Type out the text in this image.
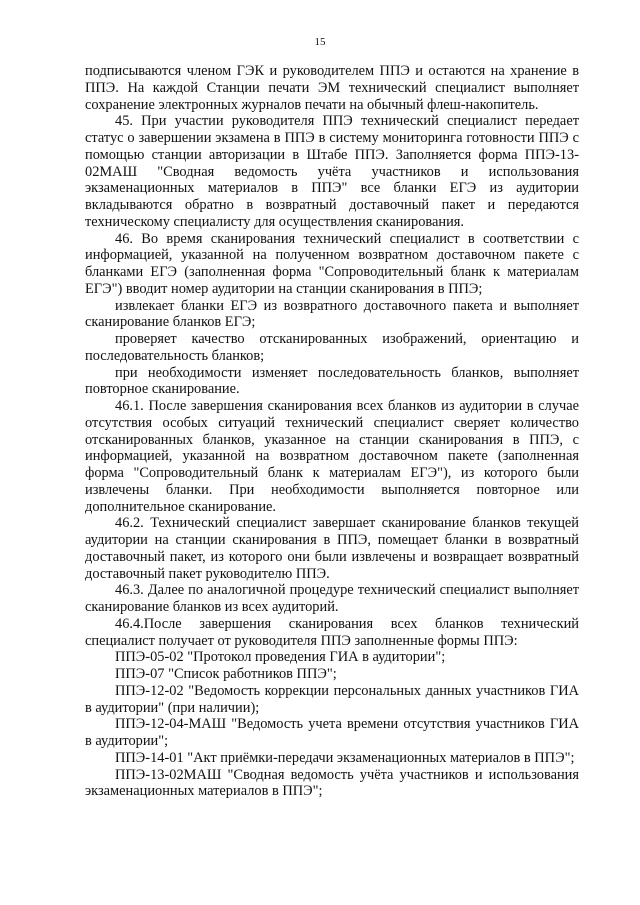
15

подписываются членом ГЭК и руководителем ППЭ и остаются на хранение в ППЭ. На каждой Станции печати ЭМ технический специалист выполняет сохранение электронных журналов печати на обычный флеш-накопитель.

45. При участии руководителя ППЭ технический специалист передает статус о завершении экзамена в ППЭ в систему мониторинга готовности ППЭ с помощью станции авторизации в Штабе ППЭ. Заполняется форма ППЭ-13-02МАШ "Сводная ведомость учёта участников и использования экзаменационных материалов в ППЭ" все бланки ЕГЭ из аудитории вкладываются обратно в возвратный доставочный пакет и передаются техническому специалисту для осуществления сканирования.

46. Во время сканирования технический специалист в соответствии с информацией, указанной на полученном возвратном доставочном пакете с бланками ЕГЭ (заполненная форма "Сопроводительный бланк к материалам ЕГЭ") вводит номер аудитории на станции сканирования в ППЭ;

извлекает бланки ЕГЭ из возвратного доставочного пакета и выполняет сканирование бланков ЕГЭ;

проверяет качество отсканированных изображений, ориентацию и последовательность бланков;

при необходимости изменяет последовательность бланков, выполняет повторное сканирование.

46.1. После завершения сканирования всех бланков из аудитории в случае отсутствия особых ситуаций технический специалист сверяет количество отсканированных бланков, указанное на станции сканирования в ППЭ, с информацией, указанной на возвратном доставочном пакете (заполненная форма "Сопроводительный бланк к материалам ЕГЭ"), из которого были извлечены бланки. При необходимости выполняется повторное или дополнительное сканирование.

46.2. Технический специалист завершает сканирование бланков текущей аудитории на станции сканирования в ППЭ, помещает бланки в возвратный доставочный пакет, из которого они были извлечены и возвращает возвратный доставочный пакет руководителю ППЭ.

46.3. Далее по аналогичной процедуре технический специалист выполняет сканирование бланков из всех аудиторий.

46.4.После завершения сканирования всех бланков технический специалист получает от руководителя ППЭ заполненные формы ППЭ:

ППЭ-05-02 "Протокол проведения ГИА в аудитории";

ППЭ-07 "Список работников ППЭ";

ППЭ-12-02 "Ведомость коррекции персональных данных участников ГИА в аудитории" (при наличии);

ППЭ-12-04-МАШ "Ведомость учета времени отсутствия участников ГИА в аудитории";

ППЭ-14-01 "Акт приёмки-передачи экзаменационных материалов в ППЭ";

ППЭ-13-02МАШ "Сводная ведомость учёта участников и использования экзаменационных материалов в ППЭ";
